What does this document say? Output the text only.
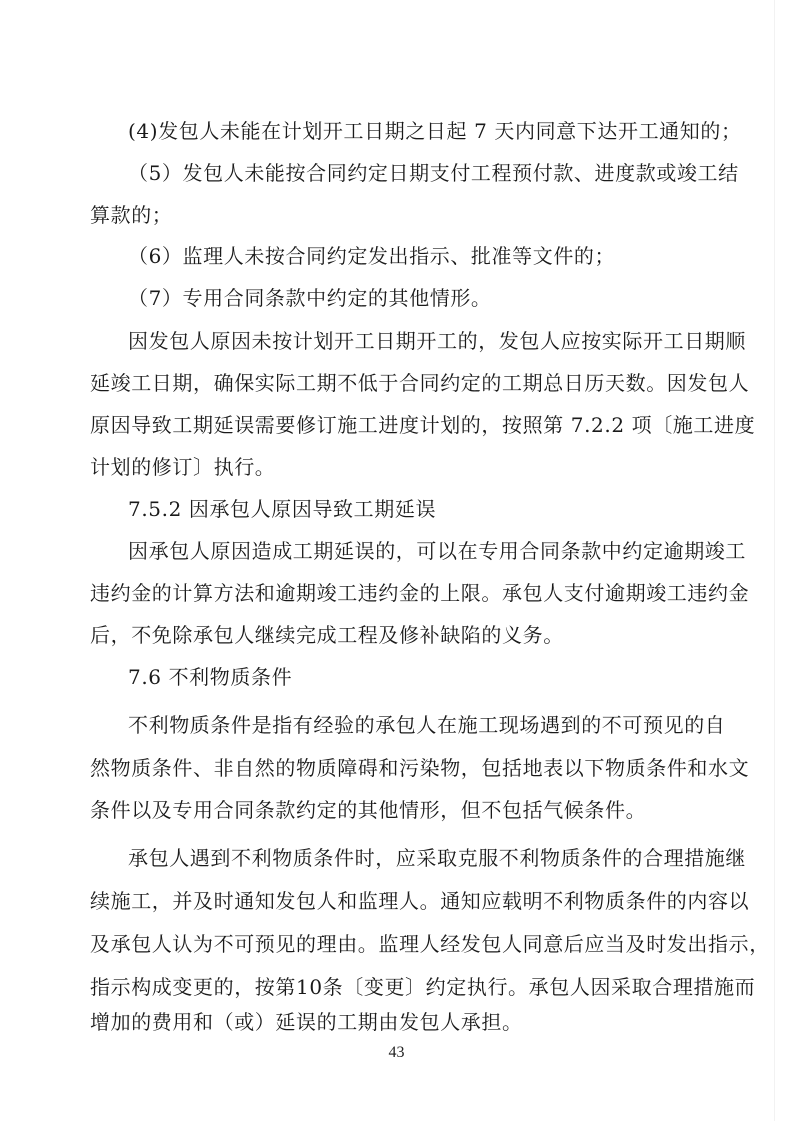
(4)发包人未能在计划开工日期之日起 7 天内同意下达开工通知的；
（5）发包人未能按合同约定日期支付工程预付款、进度款或竣工结
算款的；
（6）监理人未按合同约定发出指示、批准等文件的；
（7）专用合同条款中约定的其他情形。
因发包人原因未按计划开工日期开工的，发包人应按实际开工日期顺
延竣工日期，确保实际工期不低于合同约定的工期总日历天数。因发包人
原因导致工期延误需要修订施工进度计划的，按照第 7.2.2 项〔施工进度
计划的修订〕执行。
7.5.2 因承包人原因导致工期延误
因承包人原因造成工期延误的，可以在专用合同条款中约定逾期竣工
违约金的计算方法和逾期竣工违约金的上限。承包人支付逾期竣工违约金
后，不免除承包人继续完成工程及修补缺陷的义务。
7.6 不利物质条件
不利物质条件是指有经验的承包人在施工现场遇到的不可预见的自
然物质条件、非自然的物质障碍和污染物，包括地表以下物质条件和水文
条件以及专用合同条款约定的其他情形，但不包括气候条件。
承包人遇到不利物质条件时，应采取克服不利物质条件的合理措施继
续施工，并及时通知发包人和监理人。通知应载明不利物质条件的内容以
及承包人认为不可预见的理由。监理人经发包人同意后应当及时发出指示，
指示构成变更的，按第10条〔变更〕约定执行。承包人因采取合理措施而
增加的费用和（或）延误的工期由发包人承担。
43
